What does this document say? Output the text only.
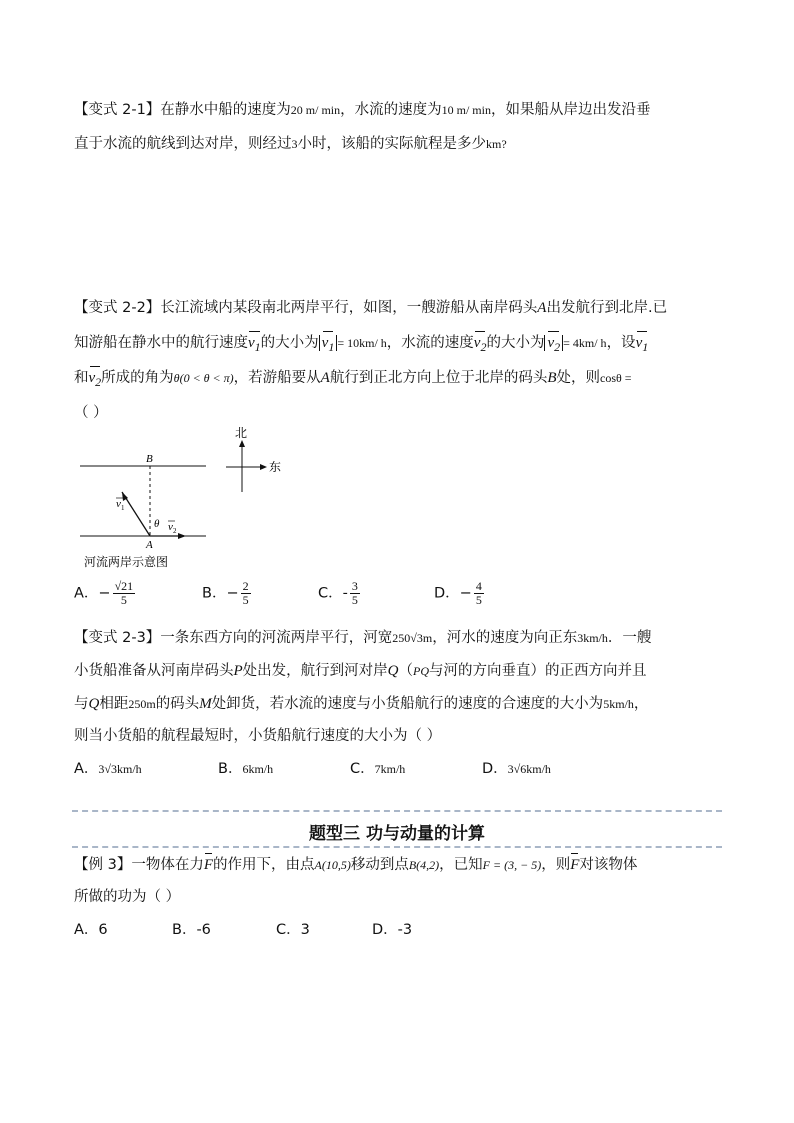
【变式 2-1】在静水中船的速度为20 m/ min，水流的速度为10 m/ min，如果船从岸边出发沿垂
直于水流的航线到达对岸，则经过3小时，该船的实际航程是多少km?
【变式 2-2】长江流域内某段南北两岸平行，如图，一艘游船从南岸码头A出发航行到北岸.已
知游船在静水中的航行速度$v_1$的大小为 $v_1 = 10km/$ h，水流的速度$v_2$的大小为 $v_2 = 4km/$ h，设$v_1$
和$v_2$所成的角为θ(0 < θ < π)，若游船要从A航行到正北方向上位于北岸的码头B处，则cosθ =
（ ）
B
A
θ
v 1
v 2
河流两岸示意图
北
东
A．− $\frac{√21}{5}$	B．− $\frac{2}{5}$	C．- $\frac{3}{5}$	D．− $\frac{4}{5}$
【变式 2-3】一条东西方向的河流两岸平行，河宽250√3m，河水的速度为向正东3km/h．一艘
小货船准备从河南岸码头P处出发，航行到河对岸Q（PQ与河的方向垂直）的正西方向并且
与Q相距250m的码头M处卸货，若水流的速度与小货船航行的速度的合速度的大小为5km/h，
则当小货船的航程最短时，小货船航行速度的大小为（ ）
A．3√3km/h	B．6km/h	C．7km/h	D．3√6km/h
题型三 功与动量的计算
【例 3】一物体在力F的作用下，由点A(10,5)移动到点B(4,2)，已知F = (3, − 5)，则F对该物体
所做的功为（ ）
A．6	B．-6	C．3	D．-3
